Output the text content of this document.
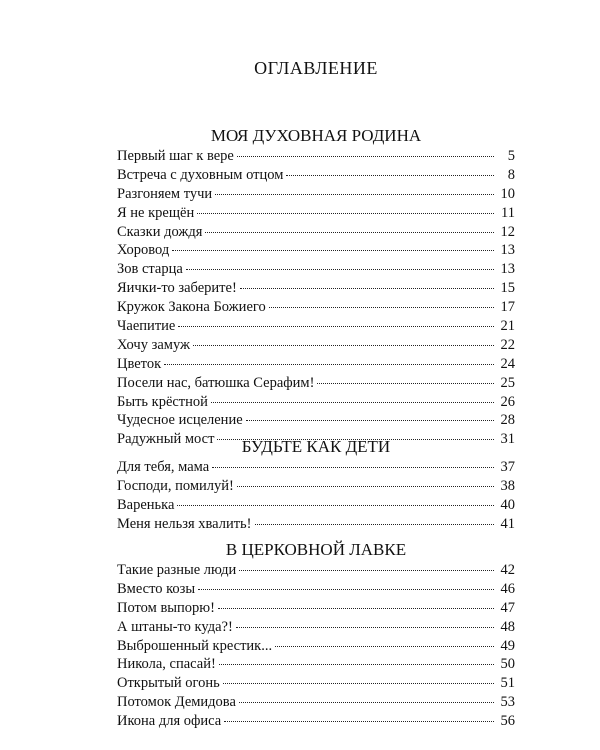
ОГЛАВЛЕНИЕ
МОЯ ДУХОВНАЯ РОДИНА
Первый шаг к вере	5
Встреча с духовным отцом	8
Разгоняем тучи	10
Я не крещён	11
Сказки дождя	12
Хоровод	13
Зов старца	13
Яички-то заберите!	15
Кружок Закона Божиего	17
Чаепитие	21
Хочу замуж	22
Цветок	24
Посели нас, батюшка Серафим!	25
Быть крёстной	26
Чудесное исцеление	28
Радужный мост	31
БУДЬТЕ КАК ДЕТИ
Для тебя, мама	37
Господи, помилуй!	38
Варенька	40
Меня нельзя хвалить!	41
В ЦЕРКОВНОЙ ЛАВКЕ
Такие разные люди	42
Вместо козы	46
Потом выпорю!	47
А штаны-то куда?!	48
Выброшенный крестик...	49
Никола, спасай!	50
Открытый огонь	51
Потомок Демидова	53
Икона для офиса	56
